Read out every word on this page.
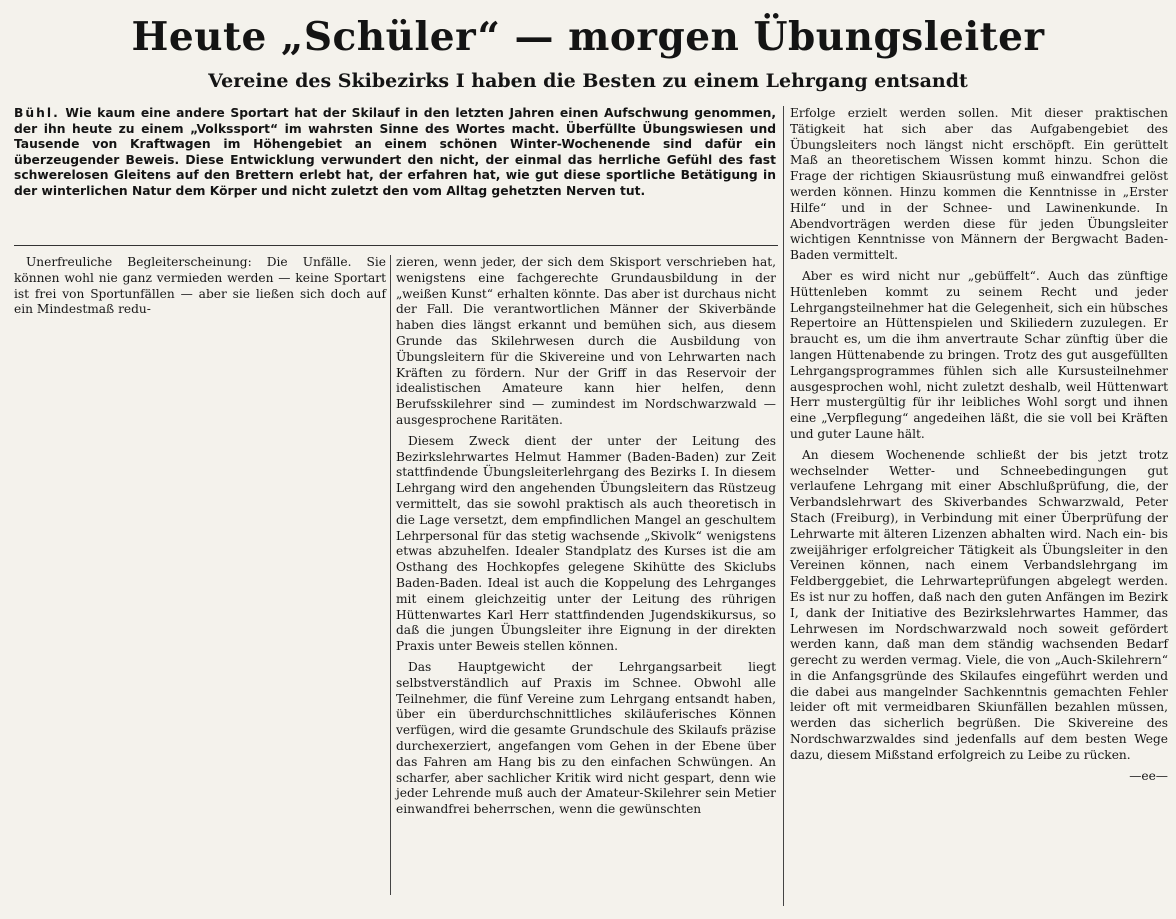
Heute „Schüler“ — morgen Übungsleiter
Vereine des Skibezirks I haben die Besten zu einem Lehrgang entsandt

Bühl. Wie kaum eine andere Sportart hat der Skilauf in den letzten Jahren einen Aufschwung genommen, der ihn heute zu einem „Volkssport“ im wahrsten Sinne des Wortes macht. Überfüllte Übungswiesen und Tausende von Kraftwagen im Höhengebiet an einem schönen Winter-Wochenende sind dafür ein überzeugender Beweis. Diese Entwicklung verwundert den nicht, der einmal das herrliche Gefühl des fast schwerelosen Gleitens auf den Brettern erlebt hat, der erfahren hat, wie gut diese sportliche Betätigung in der winterlichen Natur dem Körper und nicht zuletzt den vom Alltag gehetzten Nerven tut.

Unerfreuliche Begleiterscheinung: Die Unfälle. Sie können wohl nie ganz vermieden werden — keine Sportart ist frei von Sportunfällen — aber sie ließen sich doch auf ein Mindestmaß redu-

zieren, wenn jeder, der sich dem Skisport verschrieben hat, wenigstens eine fachgerechte Grundausbildung in der „weißen Kunst“ erhalten könnte. Das aber ist durchaus nicht der Fall. Die verantwortlichen Männer der Skiverbände haben dies längst erkannt und bemühen sich, aus diesem Grunde das Skilehrwesen durch die Ausbildung von Übungsleitern für die Skivereine und von Lehrwarten nach Kräften zu fördern. Nur der Griff in das Reservoir der idealistischen Amateure kann hier helfen, denn Berufsskilehrer sind — zumindest im Nordschwarzwald — ausgesprochene Raritäten.

Diesem Zweck dient der unter der Leitung des Bezirkslehrwartes Helmut Hammer (Baden-Baden) zur Zeit stattfindende Übungsleiterlehrgang des Bezirks I. In diesem Lehrgang wird den angehenden Übungsleitern das Rüstzeug vermittelt, das sie sowohl praktisch als auch theoretisch in die Lage versetzt, dem empfindlichen Mangel an geschultem Lehrpersonal für das stetig wachsende „Skivolk“ wenigstens etwas abzuhelfen. Idealer Standplatz des Kurses ist die am Osthang des Hochkopfes gelegene Skihütte des Skiclubs Baden-Baden. Ideal ist auch die Koppelung des Lehrganges mit einem gleichzeitig unter der Leitung des rührigen Hüttenwartes Karl Herr stattfindenden Jugendskikursus, so daß die jungen Übungsleiter ihre Eignung in der direkten Praxis unter Beweis stellen können.

Das Hauptgewicht der Lehrgangsarbeit liegt selbstverständlich auf Praxis im Schnee. Obwohl alle Teilnehmer, die fünf Vereine zum Lehrgang entsandt haben, über ein überdurchschnittliches skiläuferisches Können verfügen, wird die gesamte Grundschule des Skilaufs präzise durchexerziert, angefangen vom Gehen in der Ebene über das Fahren am Hang bis zu den einfachen Schwüngen. An scharfer, aber sachlicher Kritik wird nicht gespart, denn wie jeder Lehrende muß auch der Amateur-Skilehrer sein Metier einwandfrei beherrschen, wenn die gewünschten

Erfolge erzielt werden sollen. Mit dieser praktischen Tätigkeit hat sich aber das Aufgabengebiet des Übungsleiters noch längst nicht erschöpft. Ein gerüttelt Maß an theoretischem Wissen kommt hinzu. Schon die Frage der richtigen Skiausrüstung muß einwandfrei gelöst werden können. Hinzu kommen die Kenntnisse in „Erster Hilfe“ und in der Schnee- und Lawinenkunde. In Abendvorträgen werden diese für jeden Übungsleiter wichtigen Kenntnisse von Männern der Bergwacht Baden-Baden vermittelt.

Aber es wird nicht nur „gebüffelt“. Auch das zünftige Hüttenleben kommt zu seinem Recht und jeder Lehrgangsteilnehmer hat die Gelegenheit, sich ein hübsches Repertoire an Hüttenspielen und Skiliedern zuzulegen. Er braucht es, um die ihm anvertraute Schar zünftig über die langen Hüttenabende zu bringen. Trotz des gut ausgefüllten Lehrgangsprogrammes fühlen sich alle Kursusteilnehmer ausgesprochen wohl, nicht zuletzt deshalb, weil Hüttenwart Herr mustergültig für ihr leibliches Wohl sorgt und ihnen eine „Verpflegung“ angedeihen läßt, die sie voll bei Kräften und guter Laune hält.

An diesem Wochenende schließt der bis jetzt trotz wechselnder Wetter- und Schneebedingungen gut verlaufene Lehrgang mit einer Abschlußprüfung, die, der Verbandslehrwart des Skiverbandes Schwarzwald, Peter Stach (Freiburg), in Verbindung mit einer Überprüfung der Lehrwarte mit älteren Lizenzen abhalten wird. Nach ein- bis zweijähriger erfolgreicher Tätigkeit als Übungsleiter in den Vereinen können, nach einem Verbandslehrgang im Feldberggebiet, die Lehrwarteprüfungen abgelegt werden. Es ist nur zu hoffen, daß nach den guten Anfängen im Bezirk I, dank der Initiative des Bezirkslehrwartes Hammer, das Lehrwesen im Nordschwarzwald noch soweit gefördert werden kann, daß man dem ständig wachsenden Bedarf gerecht zu werden vermag. Viele, die von „Auch-Skilehrern“ in die Anfangsgründe des Skilaufes eingeführt werden und die dabei aus mangelnder Sachkenntnis gemachten Fehler leider oft mit vermeidbaren Skiunfällen bezahlen müssen, werden das sicherlich begrüßen. Die Skivereine des Nordschwarzwaldes sind jedenfalls auf dem besten Wege dazu, diesem Mißstand erfolgreich zu Leibe zu rücken.

—ee—
